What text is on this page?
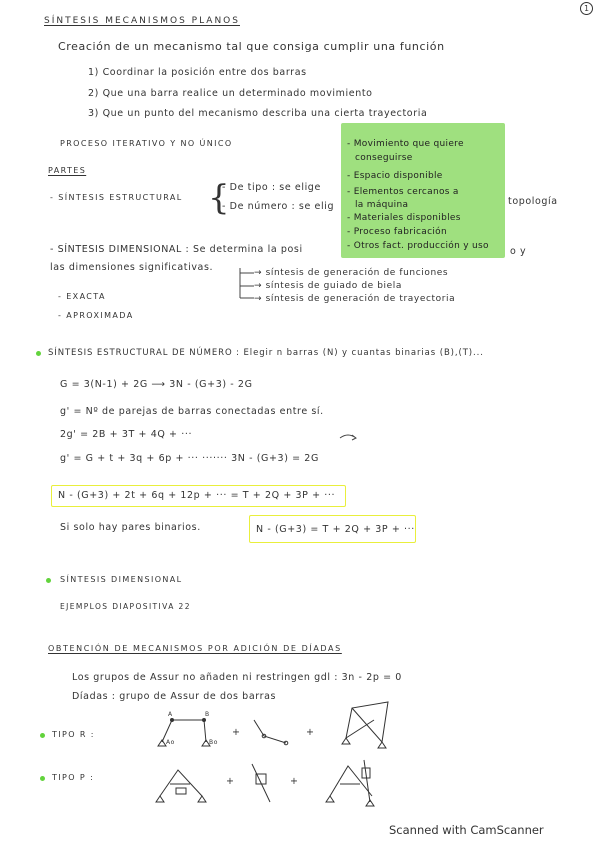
1
SÍNTESIS MECANISMOS PLANOS
Creación de un mecanismo tal que consiga cumplir una función
1) Coordinar la posición entre dos barras
2) Que una barra realice un determinado movimiento
3) Que un punto del mecanismo describa una cierta trayectoria
PROCESO ITERATIVO Y NO ÚNICO	- Movimiento que quiere
conseguirse
- Espacio disponible
- Elementos cercanos a
la máquina
- Materiales disponibles
- Proceso fabricación
- Otros fact. producción y uso
PARTES
- SÍNTESIS ESTRUCTURAL {
- De tipo : se elige
- De número : se elig	topología
- SÍNTESIS DIMENSIONAL : Se determina la posi	o y
las dimensiones significativas.	→ síntesis de generación de funciones
→ síntesis de guiado de biela
→ síntesis de generación de trayectoria
- EXACTA
- APROXIMADA
SÍNTESIS ESTRUCTURAL DE NÚMERO : Elegir n barras (N) y cuantas binarias (B),(T)...
G = 3(N-1) + 2G ⟶ 3N - (G+3) - 2G
g' = Nº de parejas de barras conectadas entre sí.
2g' = 2B + 3T + 4Q + ···
g' = G + t + 3q + 6p + ··· ······· 3N - (G+3) = 2G
N - (G+3) + 2t + 6q + 12p + ··· = T + 2Q + 3P + ···
Si solo hay pares binarios.	N - (G+3) = T + 2Q + 3P + ···
SÍNTESIS DIMENSIONAL
EJEMPLOS DIAPOSITIVA 22
OBTENCIÓN DE MECANISMOS POR ADICIÓN DE DÍADAS
Los grupos de Assur no añaden ni restringen gdl : 3n - 2p = 0
Díadas : grupo de Assur de dos barras
TIPO R :
TIPO P :
A	B
Ao	Bo
+	+
+	+
Scanned with CamScanner
